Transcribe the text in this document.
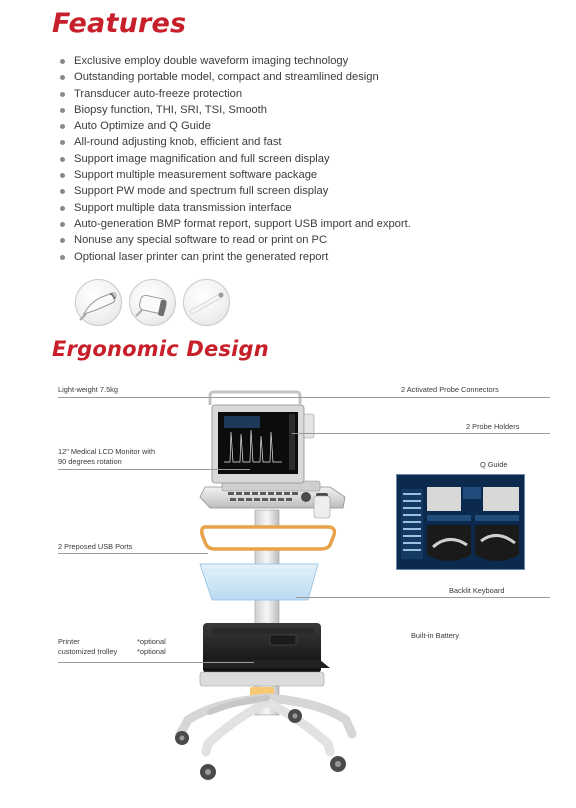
Features
Exclusive employ double waveform imaging technology
Outstanding portable model, compact and streamlined design
Transducer auto-freeze protection
Biopsy function, THI, SRI, TSI, Smooth
Auto Optimize and Q Guide
All-round adjusting knob, efficient and fast
Support image magnification and full screen display
Support multiple measurement software package
Support PW mode and spectrum full screen display
Support multiple data transmission interface
Auto-generation BMP format report, support USB import and export.
Nonuse any special software to read or print on PC
Optional laser printer can print the generated report
Ergonomic Design
Light-weight 7.5kg	2 Activated Probe Connectors
2 Probe Holders
12" Medical LCD Monitor with
90 degrees rotation	Q Guide
2 Preposed USB Ports
Backlit Keyboard
Built-in Battery
Printer	*optional
customized trolley	*optional
